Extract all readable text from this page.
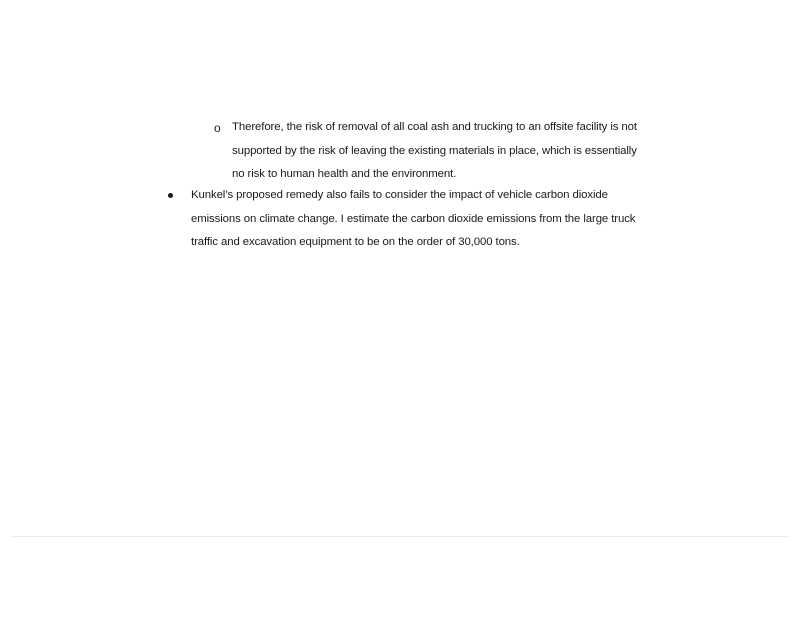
o Therefore, the risk of removal of all coal ash and trucking to an offsite facility is not
supported by the risk of leaving the existing materials in place, which is essentially
no risk to human health and the environment.
Kunkel’s proposed remedy also fails to consider the impact of vehicle carbon dioxide
emissions on climate change. I estimate the carbon dioxide emissions from the large truck
traffic and excavation equipment to be on the order of 30,000 tons.
